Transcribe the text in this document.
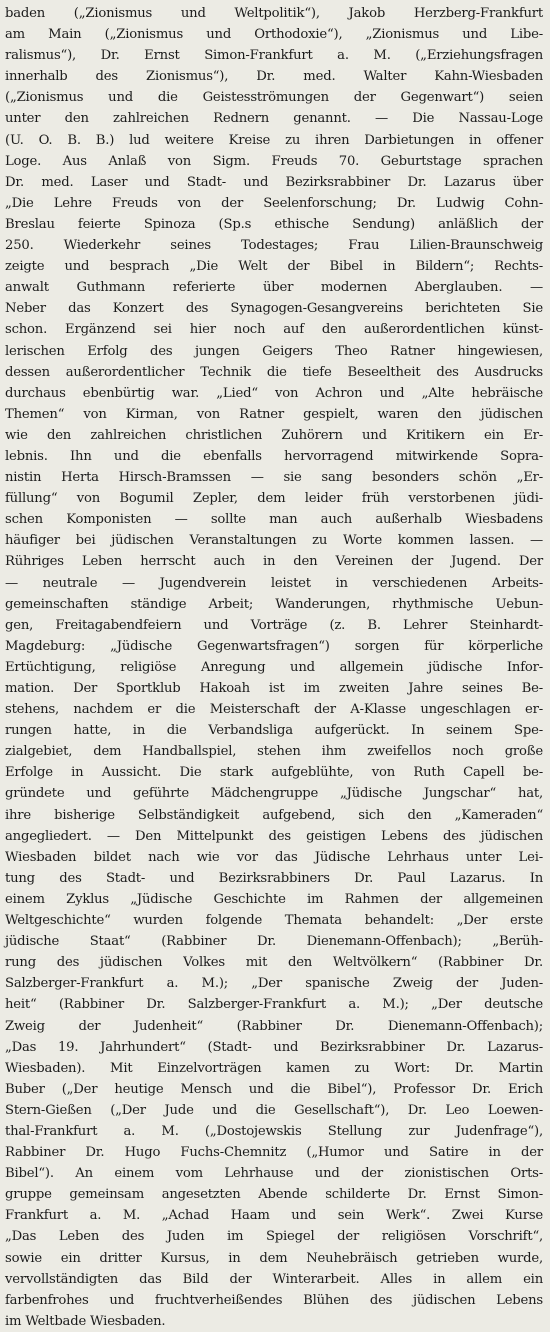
baden („Zionismus und Weltpolitik“), Jakob Herzberg-Frankfurt
am Main („Zionismus und Orthodoxie“), „Zionismus und Libe-
ralismus“), Dr. Ernst Simon-Frankfurt a. M. („Erziehungsfragen
innerhalb des Zionismus“), Dr. med. Walter Kahn-Wiesbaden
(„Zionismus und die Geistesströmungen der Gegenwart“) seien
unter den zahlreichen Rednern genannt. — Die Nassau-Loge
(U. O. B. B.) lud weitere Kreise zu ihren Darbietungen in offener
Loge. Aus Anlaß von Sigm. Freuds 70. Geburtstage sprachen
Dr. med. Laser und Stadt- und Bezirksrabbiner Dr. Lazarus über
„Die Lehre Freuds von der Seelenforschung; Dr. Ludwig Cohn-
Breslau feierte Spinoza (Sp.s ethische Sendung) anläßlich der
250. Wiederkehr seines Todestages; Frau Lilien-Braunschweig
zeigte und besprach „Die Welt der Bibel in Bildern“; Rechts-
anwalt Guthmann referierte über modernen Aberglauben. —
Neber das Konzert des Synagogen-Gesangvereins berichteten Sie
schon. Ergänzend sei hier noch auf den außerordentlichen künst-
lerischen Erfolg des jungen Geigers Theo Ratner hingewiesen,
dessen außerordentlicher Technik die tiefe Beseeltheit des Ausdrucks
durchaus ebenbürtig war. „Lied“ von Achron und „Alte hebräische
Themen“ von Kirman, von Ratner gespielt, waren den jüdischen
wie den zahlreichen christlichen Zuhörern und Kritikern ein Er-
lebnis. Ihn und die ebenfalls hervorragend mitwirkende Sopra-
nistin Herta Hirsch-Bramssen — sie sang besonders schön „Er-
füllung“ von Bogumil Zepler, dem leider früh verstorbenen jüdi-
schen Komponisten — sollte man auch außerhalb Wiesbadens
häufiger bei jüdischen Veranstaltungen zu Worte kommen lassen. —
Rühriges Leben herrscht auch in den Vereinen der Jugend. Der
— neutrale — Jugendverein leistet in verschiedenen Arbeits-
gemeinschaften ständige Arbeit; Wanderungen, rhythmische Uebun-
gen, Freitagabendfeiern und Vorträge (z. B. Lehrer Steinhardt-
Magdeburg: „Jüdische Gegenwartsfragen“) sorgen für körperliche
Ertüchtigung, religiöse Anregung und allgemein jüdische Infor-
mation. Der Sportklub Hakoah ist im zweiten Jahre seines Be-
stehens, nachdem er die Meisterschaft der A-Klasse ungeschlagen er-
rungen hatte, in die Verbandsliga aufgerückt. In seinem Spe-
zialgebiet, dem Handballspiel, stehen ihm zweifellos noch große
Erfolge in Aussicht. Die stark aufgeblühte, von Ruth Capell be-
gründete und geführte Mädchengruppe „Jüdische Jungschar“ hat,
ihre bisherige Selbständigkeit aufgebend, sich den „Kameraden“
angegliedert. — Den Mittelpunkt des geistigen Lebens des jüdischen
Wiesbaden bildet nach wie vor das Jüdische Lehrhaus unter Lei-
tung des Stadt- und Bezirksrabbiners Dr. Paul Lazarus. In
einem Zyklus „Jüdische Geschichte im Rahmen der allgemeinen
Weltgeschichte“ wurden folgende Themata behandelt: „Der erste
jüdische Staat“ (Rabbiner Dr. Dienemann-Offenbach); „Berüh-
rung des jüdischen Volkes mit den Weltvölkern“ (Rabbiner Dr.
Salzberger-Frankfurt a. M.); „Der spanische Zweig der Juden-
heit“ (Rabbiner Dr. Salzberger-Frankfurt a. M.); „Der deutsche
Zweig der Judenheit“ (Rabbiner Dr. Dienemann-Offenbach);
„Das 19. Jahrhundert“ (Stadt- und Bezirksrabbiner Dr. Lazarus-
Wiesbaden). Mit Einzelvorträgen kamen zu Wort: Dr. Martin
Buber („Der heutige Mensch und die Bibel“), Professor Dr. Erich
Stern-Gießen („Der Jude und die Gesellschaft“), Dr. Leo Loewen-
thal-Frankfurt a. M. („Dostojewskis Stellung zur Judenfrage“),
Rabbiner Dr. Hugo Fuchs-Chemnitz („Humor und Satire in der
Bibel“). An einem vom Lehrhause und der zionistischen Orts-
gruppe gemeinsam angesetzten Abende schilderte Dr. Ernst Simon-
Frankfurt a. M. „Achad Haam und sein Werk“. Zwei Kurse
„Das Leben des Juden im Spiegel der religiösen Vorschrift“,
sowie ein dritter Kursus, in dem Neuhebräisch getrieben wurde,
vervollständigten das Bild der Winterarbeit. Alles in allem ein
farbenfrohes und fruchtverheißendes Blühen des jüdischen Lebens
im Weltbade Wiesbaden.
